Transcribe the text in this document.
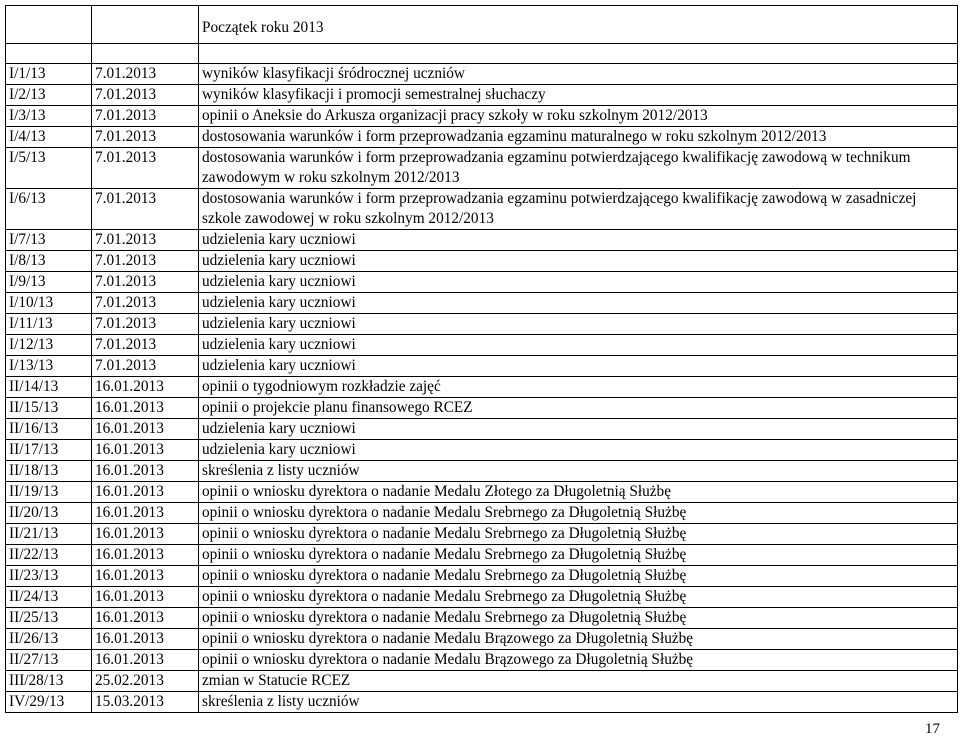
		Początek roku 2013

I/1/13	7.01.2013	wyników klasyfikacji śródrocznej uczniów
I/2/13	7.01.2013	wyników klasyfikacji i promocji semestralnej słuchaczy
I/3/13	7.01.2013	opinii o Aneksie do Arkusza organizacji pracy szkoły w roku szkolnym 2012/2013
I/4/13	7.01.2013	dostosowania warunków i form przeprowadzania egzaminu maturalnego w roku szkolnym 2012/2013
I/5/13	7.01.2013	dostosowania warunków i form przeprowadzania egzaminu potwierdzającego kwalifikację zawodową w technikum zawodowym w roku szkolnym 2012/2013
I/6/13	7.01.2013	dostosowania warunków i form przeprowadzania egzaminu potwierdzającego kwalifikację zawodową w zasadniczej szkole zawodowej w roku szkolnym 2012/2013
I/7/13	7.01.2013	udzielenia kary uczniowi
I/8/13	7.01.2013	udzielenia kary uczniowi
I/9/13	7.01.2013	udzielenia kary uczniowi
I/10/13	7.01.2013	udzielenia kary uczniowi
I/11/13	7.01.2013	udzielenia kary uczniowi
I/12/13	7.01.2013	udzielenia kary uczniowi
I/13/13	7.01.2013	udzielenia kary uczniowi
II/14/13	16.01.2013	opinii o tygodniowym rozkładzie zajęć
II/15/13	16.01.2013	opinii o projekcie planu finansowego RCEZ
II/16/13	16.01.2013	udzielenia kary uczniowi
II/17/13	16.01.2013	udzielenia kary uczniowi
II/18/13	16.01.2013	skreślenia z listy uczniów
II/19/13	16.01.2013	opinii o wniosku dyrektora o nadanie Medalu Złotego za Długoletnią Służbę
II/20/13	16.01.2013	opinii o wniosku dyrektora o nadanie Medalu Srebrnego za Długoletnią Służbę
II/21/13	16.01.2013	opinii o wniosku dyrektora o nadanie Medalu Srebrnego za Długoletnią Służbę
II/22/13	16.01.2013	opinii o wniosku dyrektora o nadanie Medalu Srebrnego za Długoletnią Służbę
II/23/13	16.01.2013	opinii o wniosku dyrektora o nadanie Medalu Srebrnego za Długoletnią Służbę
II/24/13	16.01.2013	opinii o wniosku dyrektora o nadanie Medalu Srebrnego za Długoletnią Służbę
II/25/13	16.01.2013	opinii o wniosku dyrektora o nadanie Medalu Srebrnego za Długoletnią Służbę
II/26/13	16.01.2013	opinii o wniosku dyrektora o nadanie Medalu Brązowego za Długoletnią Służbę
II/27/13	16.01.2013	opinii o wniosku dyrektora o nadanie Medalu Brązowego za Długoletnią Służbę
III/28/13	25.02.2013	zmian w Statucie RCEZ
IV/29/13	15.03.2013	skreślenia z listy uczniów
17
